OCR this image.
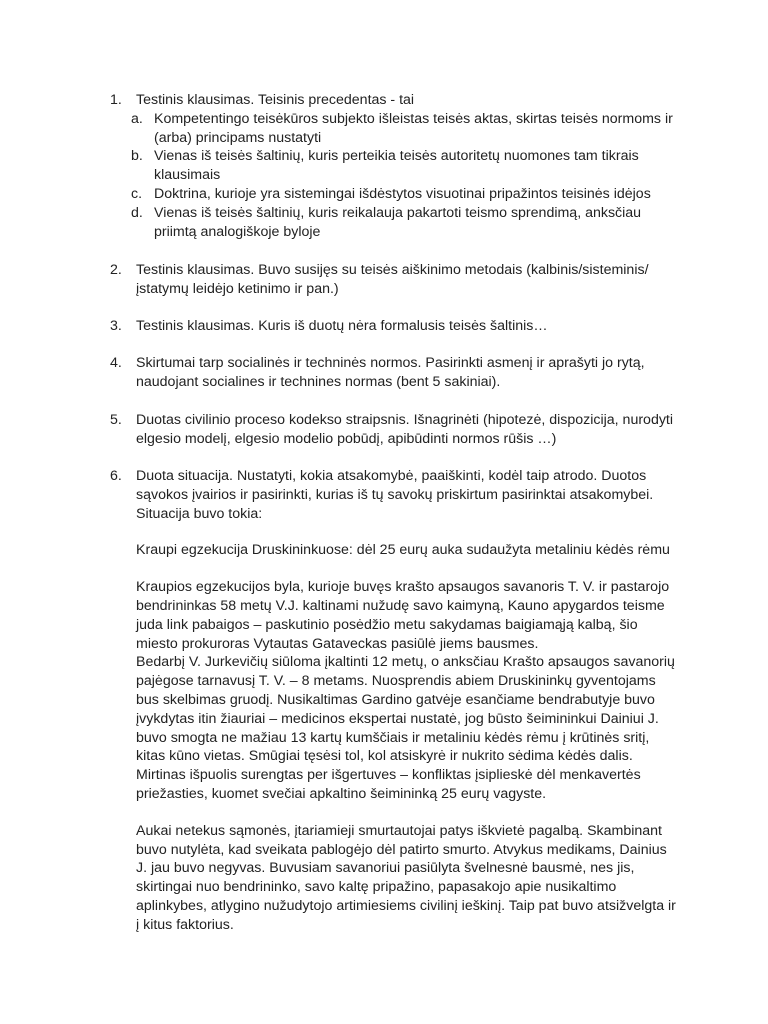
1. Testinis klausimas. Teisinis precedentas - tai
a. Kompetentingo teisėkūros subjekto išleistas teisės aktas, skirtas teisės normoms ir (arba) principams nustatyti
b. Vienas iš teisės šaltinių, kuris perteikia teisės autoritetų nuomones tam tikrais klausimais
c. Doktrina, kurioje yra sistemingai išdėstytos visuotinai pripažintos teisinės idėjos
d. Vienas iš teisės šaltinių, kuris reikalauja pakartoti teismo sprendimą, anksčiau priimtą analogiškoje byloje
2. Testinis klausimas. Buvo susijęs su teisės aiškinimo metodais (kalbinis/sisteminis/įstatymų leidėjo ketinimo ir pan.)
3. Testinis klausimas. Kuris iš duotų nėra formalusis teisės šaltinis…
4. Skirtumai tarp socialinės ir techninės normos. Pasirinkti asmenį ir aprašyti jo rytą, naudojant socialines ir technines normas (bent 5 sakiniai).
5. Duotas civilinio proceso kodekso straipsnis. Išnagrinėti (hipotezė, dispozicija, nurodyti elgesio modelį, elgesio modelio pobūdį, apibūdinti normos rūšis …)
6. Duota situacija. Nustatyti, kokia atsakomybė, paaiškinti, kodėl taip atrodo. Duotos sąvokos įvairios ir pasirinkti, kurias iš tų savokų priskirtum pasirinktai atsakomybei. Situacija buvo tokia:

Kraupi egzekucija Druskininkuose: dėl 25 eurų auka sudaužyta metaliniu kėdės rėmu

Kraupios egzekucijos byla, kurioje buvęs krašto apsaugos savanoris T. V. ir pastarojo bendrininkas 58 metų V.J. kaltinami nužudę savo kaimyną, Kauno apygardos teisme juda link pabaigos – paskutinio posėdžio metu sakydamas baigiamąją kalbą, šio miesto prokuroras Vytautas Gataveckas pasiūlė jiems bausmes.

Bedarbį V. Jurkevičių siūloma įkaltinti 12 metų, o anksčiau Krašto apsaugos savanorių pajėgose tarnavusį T. V. – 8 metams. Nuosprendis abiem Druskininkų gyventojams bus skelbimas gruodį. Nusikaltimas Gardino gatvėje esančiame bendrabutyje buvo įvykdytas itin žiauriai – medicinos ekspertai nustatė, jog būsto šeimininkui Dainiui J. buvo smogta ne mažiau 13 kartų kumščiais ir metaliniu kėdės rėmu į krūtinės sritį, kitas kūno vietas. Smūgiai tęsėsi tol, kol atsiskyrė ir nukrito sėdima kėdės dalis. Mirtinas išpuolis surengtas per išgertuves – konfliktas įsiplieskė dėl menkavertės priežasties, kuomet svečiai apkaltino šeimininką 25 eurų vagyste.

Aukai netekus sąmonės, įtariamieji smurtautojai patys iškvietė pagalbą. Skambinant buvo nutylėta, kad sveikata pablogėjo dėl patirto smurto. Atvykus medikams, Dainius J. jau buvo negyvas. Buvusiam savanoriui pasiūlyta švelnesnė bausmė, nes jis, skirtingai nuo bendrininko, savo kaltę pripažino, papasakojo apie nusikaltimo aplinkybes, atlygino nužudytojo artimiesiems civilinį ieškinį. Taip pat buvo atsižvelgta ir į kitus faktorius.
